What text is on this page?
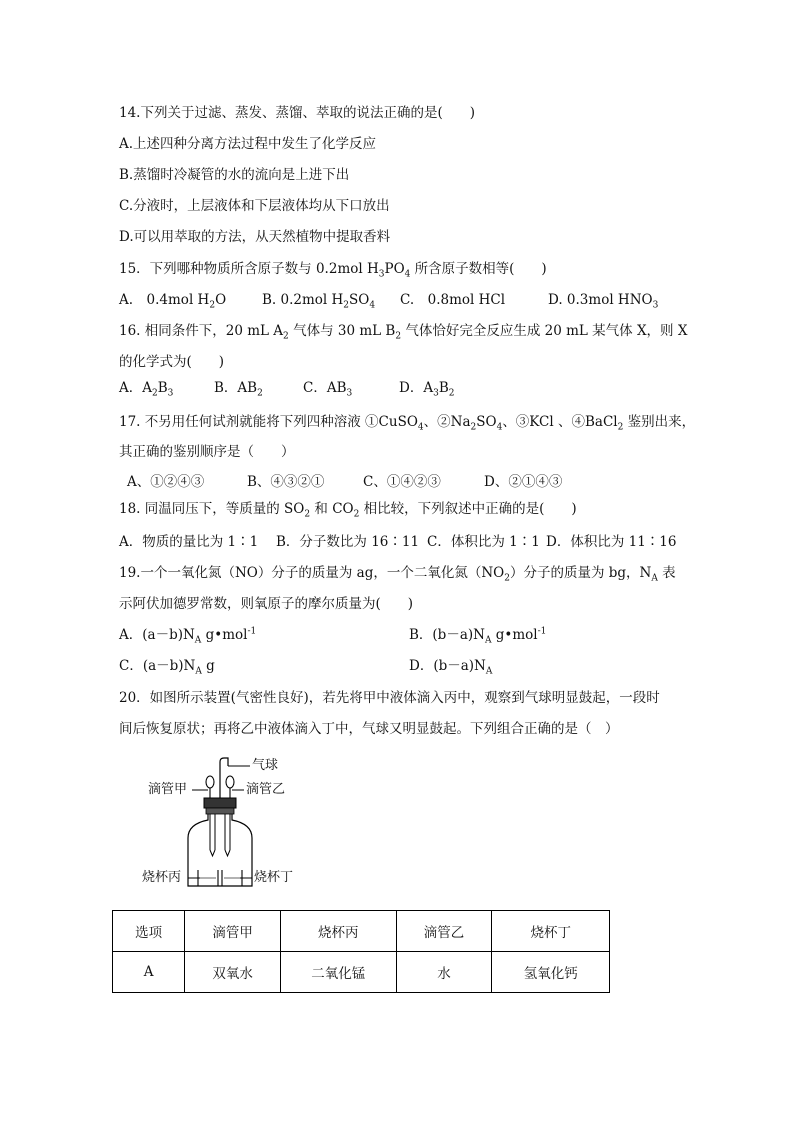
14.下列关于过滤、蒸发、蒸馏、萃取的说法正确的是(　　)
A.上述四种分离方法过程中发生了化学反应
B.蒸馏时冷凝管的水的流向是上进下出
C.分液时，上层液体和下层液体均从下口放出
D.可以用萃取的方法，从天然植物中提取香料
15．下列哪种物质所含原子数与 0.2mol $H_3PO_4$ 所含原子数相等(　　)
A.　0.4mol $H_2O$	B. 0.2mol $H_2SO_4$ C.　0.8mol HCl	D. 0.3mol $HNO_3$
16. 相同条件下，20 mL $A_2$ 气体与 30 mL $B_2$ 气体恰好完全反应生成 20 mL 某气体 X，则 X
的化学式为(　　)
A．$A_2B_3$	B．$AB_2$	C．$AB_3$	D．$A_3B_2$
17. 不另用任何试剂就能将下列四种溶液 ①CuSO$_4$、$②Na_2SO_4$、③KCl 、④BaCl$_2$ 鉴别出来，
其正确的鉴别顺序是（　　）
A、①②④③	B、④③②①	C、①④②③	D、②①④③
18. 同温同压下，等质量的 $SO_2$ 和 $CO_2$ 相比较，下列叙述中正确的是(　　)
A．物质的量比为 1∶1 B．分子数比为 16∶11 C．体积比为 1∶1 D．体积比为 11∶16
19.一个一氧化氮（NO）分子的质量为 ag，一个二氧化氮$(NO_2)$分子的质量为 bg，$N_A$ 表
示阿伏加德罗常数，则氧原子的摩尔质量为(　　)
A．$(a-b)N_A$ g•mol$^{-1}$	B．$(b-a)N_A$ g•mol$^{-1}$
C．$(a-b)N_A$ g	D．$(b-a)N_A$
20．如图所示装置(气密性良好)，若先将甲中液体滴入丙中，观察到气球明显鼓起，一段时
间后恢复原状；再将乙中液体滴入丁中，气球又明显鼓起。下列组合正确的是（　）
气球
滴管甲	滴管乙
烧杯丙	烧杯丁
选项	滴管甲	烧杯丙	滴管乙	烧杯丁
A	双氧水	二氧化锰	水	氢氧化钙
